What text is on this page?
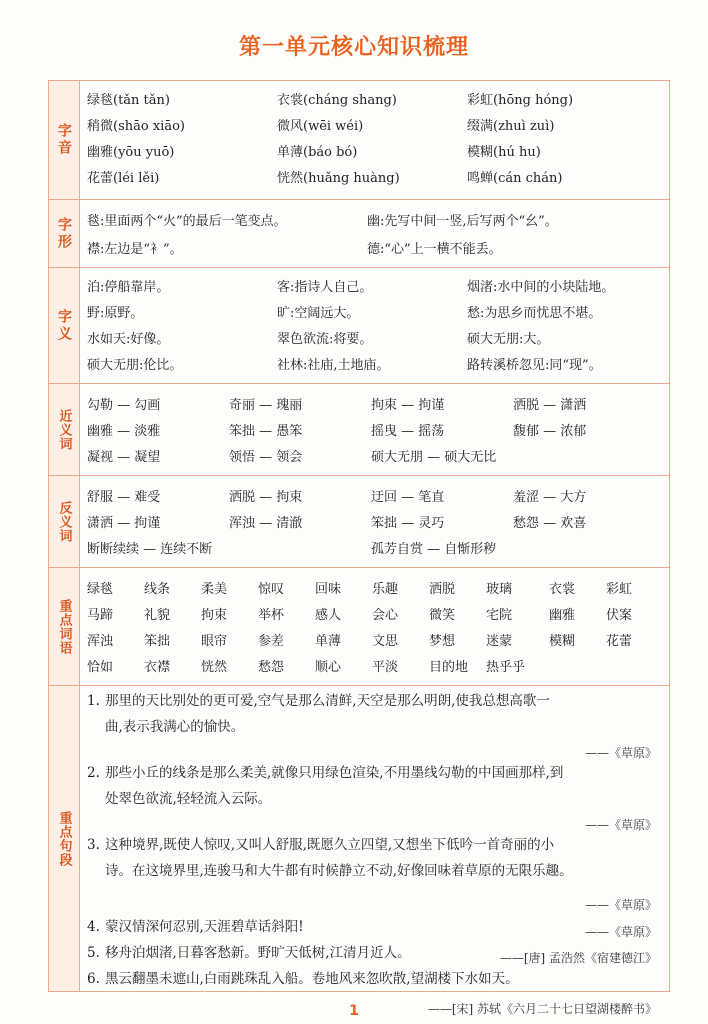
第一单元核心知识梳理
字音
绿毯(tǎn tǎn)	衣裳(cháng shang)	彩虹(hōng hóng)
稍微(shāo xiāo)	微风(wēi wéi)	缀满(zhuì zuì)
幽雅(yōu yuō)	单薄(báo bó)	模糊(hú hu)
花蕾(léi lěi)	恍然(huǎng huàng)	鸣蝉(cán chán)
字形 毯:里面两个“火”的最后一笔变点。	幽:先写中间一竖,后写两个“幺”。
襟:左边是“衤”。	德:“心”上一横不能丢。
字义
泊:停船靠岸。	客:指诗人自己。	烟渚:水中间的小块陆地。
野:原野。	旷:空阔远大。	愁:为思乡而忧思不堪。
水如天:好像。	翠色欲流:将要。	硕大无朋:大。
硕大无朋:伦比。	社林:社庙,土地庙。	路转溪桥忽见:同“现”。
近义词
勾勒 — 勾画	奇丽 — 瑰丽	拘束 — 拘谨	洒脱 — 潇洒
幽雅 — 淡雅	笨拙 — 愚笨	摇曳 — 摇荡	馥郁 — 浓郁
凝视 — 凝望	领悟 — 领会	硕大无朋 — 硕大无比
反义词
舒服 — 难受	洒脱 — 拘束	迂回 — 笔直	羞涩 — 大方
潇洒 — 拘谨	浑浊 — 清澈	笨拙 — 灵巧	愁怨 — 欢喜
断断续续 — 连续不断	孤芳自赏 — 自惭形秽
重点词语
绿毯 线条 柔美 惊叹 回味 乐趣 洒脱 玻璃	衣裳 彩虹
马蹄 礼貌 拘束 举杯 感人 会心 微笑 宅院	幽雅 伏案
浑浊 笨拙 眼帘 参差 单薄 文思 梦想 迷蒙	模糊 花蕾
恰如 衣襟 恍然 愁怨 顺心 平淡 目的地 热乎乎
重点句段
1. 那里的天比别处的更可爱,空气是那么清鲜,天空是那么明朗,使我总想高歌一
曲,表示我满心的愉快。
——《草原》
2. 那些小丘的线条是那么柔美,就像只用绿色渲染,不用墨线勾勒的中国画那样,到
处翠色欲流,轻轻流入云际。
——《草原》
3. 这种境界,既使人惊叹,又叫人舒服,既愿久立四望,又想坐下低吟一首奇丽的小
诗。在这境界里,连骏马和大牛都有时候静立不动,好像回味着草原的无限乐趣。
——《草原》
4. 蒙汉情深何忍别,天涯碧草话斜阳!	——《草原》
5. 移舟泊烟渚,日暮客愁新。野旷天低树,江清月近人。	——[唐] 孟浩然《宿建德江》
6. 黑云翻墨未遮山,白雨跳珠乱入船。卷地风来忽吹散,望湖楼下水如天。
——[宋] 苏轼《六月二十七日望湖楼醉书》
1
